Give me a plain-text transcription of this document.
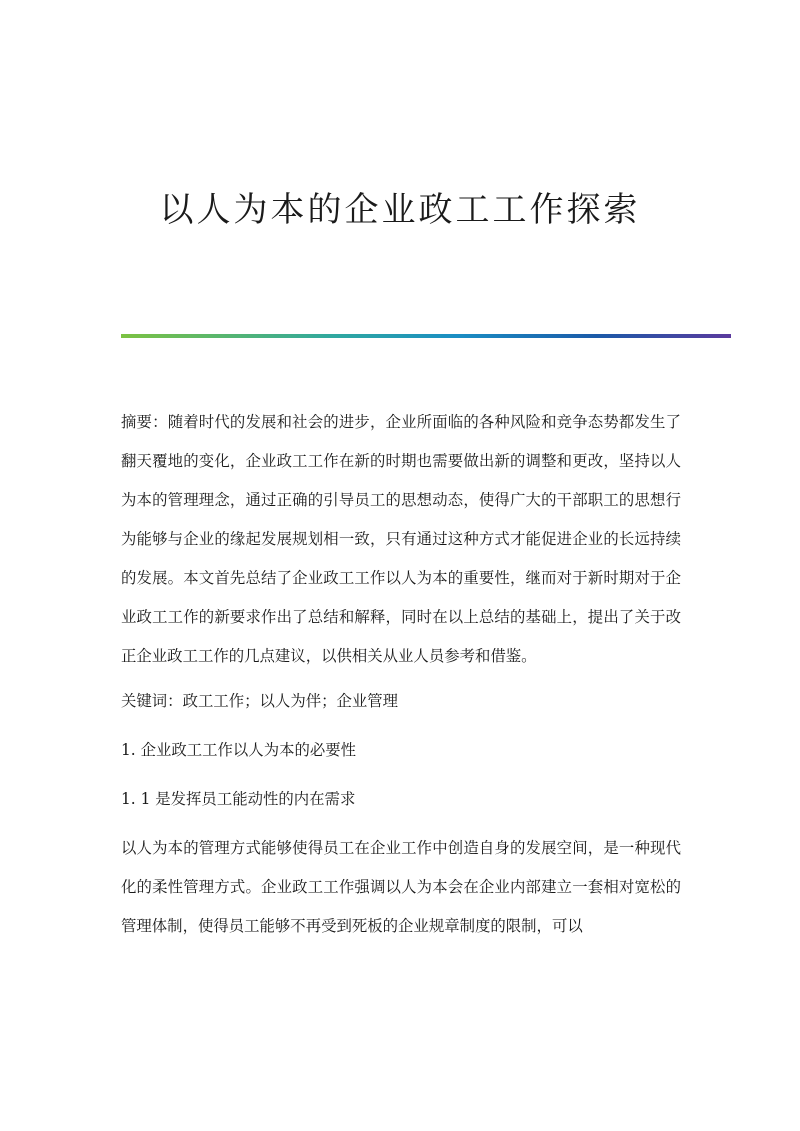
以人为本的企业政工工作探索

摘要：随着时代的发展和社会的进步，企业所面临的各种风险和竞争态势都发生了翻天覆地的变化，企业政工工作在新的时期也需要做出新的调整和更改，坚持以人为本的管理理念，通过正确的引导员工的思想动态，使得广大的干部职工的思想行为能够与企业的缘起发展规划相一致，只有通过这种方式才能促进企业的长远持续的发展。本文首先总结了企业政工工作以人为本的重要性，继而对于新时期对于企业政工工作的新要求作出了总结和解释，同时在以上总结的基础上，提出了关于改正企业政工工作的几点建议，以供相关从业人员参考和借鉴。

关键词：政工工作；以人为伴；企业管理

1. 企业政工工作以人为本的必要性

1. 1 是发挥员工能动性的内在需求

以人为本的管理方式能够使得员工在企业工作中创造自身的发展空间，是一种现代化的柔性管理方式。企业政工工作强调以人为本会在企业内部建立一套相对宽松的管理体制，使得员工能够不再受到死板的企业规章制度的限制，可以
